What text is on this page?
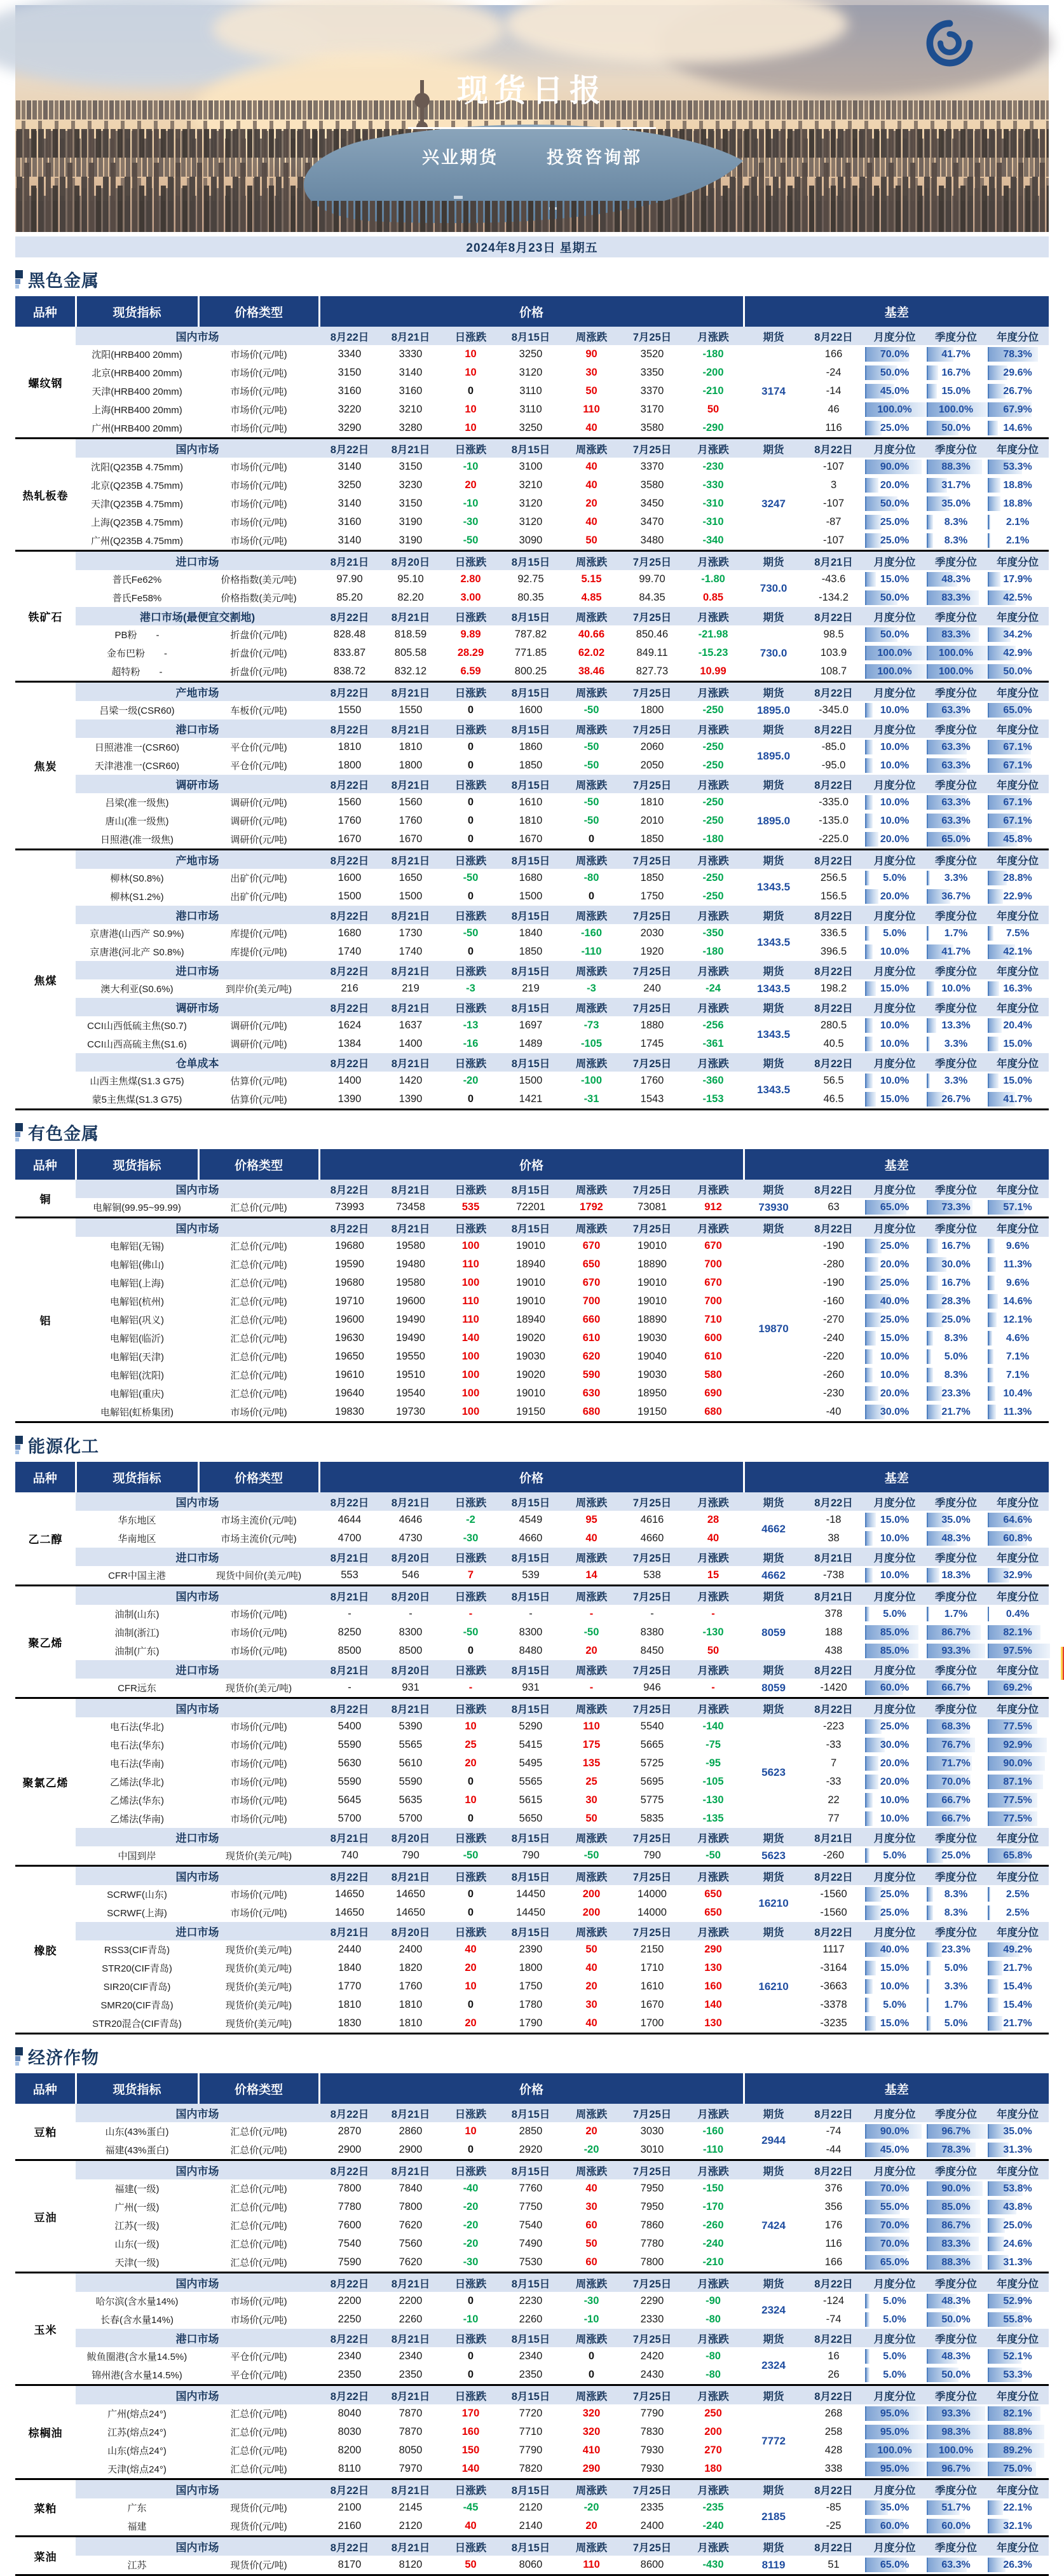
现货日报
兴业期货	投资咨询部
2024年8月23日 星期五
黑色金属
品种	现货指标	价格类型	价格							基差				
螺纹钢	国内市场		8月22日	8月21日	日涨跌	8月15日	周涨跌	7月25日	月涨跌	期货	8月22日	月度分位	季度分位	年度分位
	沈阳(HRB400 20mm)	市场价(元/吨)	3340	3330	10	3250	90	3520	-180	3174	166	70.0%	41.7%	78.3%
	北京(HRB400 20mm)	市场价(元/吨)	3150	3140	10	3120	30	3350	-200		-24	50.0%	16.7%	29.6%
	天津(HRB400 20mm)	市场价(元/吨)	3160	3160	0	3110	50	3370	-210		-14	45.0%	15.0%	26.7%
	上海(HRB400 20mm)	市场价(元/吨)	3220	3210	10	3110	110	3170	50		46	100.0%	100.0%	67.9%
	广州(HRB400 20mm)	市场价(元/吨)	3290	3280	10	3250	40	3580	-290		116	25.0%	50.0%	14.6%
热轧板卷	国内市场		8月22日	8月21日	日涨跌	8月15日	周涨跌	7月25日	月涨跌	期货	8月22日	月度分位	季度分位	年度分位
	沈阳(Q235B 4.75mm)	市场价(元/吨)	3140	3150	-10	3100	40	3370	-230	3247	-107	90.0%	88.3%	53.3%
	北京(Q235B 4.75mm)	市场价(元/吨)	3250	3230	20	3210	40	3580	-330		3	20.0%	31.7%	18.8%
	天津(Q235B 4.75mm)	市场价(元/吨)	3140	3150	-10	3120	20	3450	-310		-107	50.0%	35.0%	18.8%
	上海(Q235B 4.75mm)	市场价(元/吨)	3160	3190	-30	3120	40	3470	-310		-87	25.0%	8.3%	2.1%
	广州(Q235B 4.75mm)	市场价(元/吨)	3140	3190	-50	3090	50	3480	-340		-107	25.0%	8.3%	2.1%
铁矿石	进口市场		8月21日	8月20日	日涨跌	8月15日	周涨跌	7月25日	月涨跌	期货	8月21日	月度分位	季度分位	年度分位
	普氏Fe62%	价格指数(美元/吨)	97.90	95.10	2.80	92.75	5.15	99.70	-1.80	730.0	-43.6	15.0%	48.3%	17.9%
	普氏Fe58%	价格指数(美元/吨)	85.20	82.20	3.00	80.35	4.85	84.35	0.85		-134.2	50.0%	83.3%	42.5%
	港口市场(最便宜交割地)		8月22日	8月21日	日涨跌	8月15日	周涨跌	7月25日	月涨跌	期货	8月22日	月度分位	季度分位	年度分位
	PB粉　　-	折盘价(元/吨)	828.48	818.59	9.89	787.82	40.66	850.46	-21.98	730.0	98.5	50.0%	83.3%	34.2%
	金布巴粉　　-	折盘价(元/吨)	833.87	805.58	28.29	771.85	62.02	849.11	-15.23		103.9	100.0%	100.0%	42.9%
	超特粉　　-	折盘价(元/吨)	838.72	832.12	6.59	800.25	38.46	827.73	10.99		108.7	100.0%	100.0%	50.0%
焦炭	产地市场		8月22日	8月21日	日涨跌	8月15日	周涨跌	7月25日	月涨跌	期货	8月22日	月度分位	季度分位	年度分位
	吕梁一级(CSR60)	车板价(元/吨)	1550	1550	0	1600	-50	1800	-250	1895.0	-345.0	10.0%	63.3%	65.0%
	港口市场		8月22日	8月21日	日涨跌	8月15日	周涨跌	7月25日	月涨跌	期货	8月22日	月度分位	季度分位	年度分位
	日照港准一(CSR60)	平仓价(元/吨)	1810	1810	0	1860	-50	2060	-250	1895.0	-85.0	10.0%	63.3%	67.1%
	天津港准一(CSR60)	平仓价(元/吨)	1800	1800	0	1850	-50	2050	-250		-95.0	10.0%	63.3%	67.1%
	调研市场		8月22日	8月21日	日涨跌	8月15日	周涨跌	7月25日	月涨跌	期货	8月22日	月度分位	季度分位	年度分位
	吕梁(准一级焦)	调研价(元/吨)	1560	1560	0	1610	-50	1810	-250	1895.0	-335.0	10.0%	63.3%	67.1%
	唐山(准一级焦)	调研价(元/吨)	1760	1760	0	1810	-50	2010	-250		-135.0	10.0%	63.3%	67.1%
	日照港(准一级焦)	调研价(元/吨)	1670	1670	0	1670	0	1850	-180		-225.0	20.0%	65.0%	45.8%
焦煤	产地市场		8月22日	8月21日	日涨跌	8月15日	周涨跌	7月25日	月涨跌	期货	8月22日	月度分位	季度分位	年度分位
	柳林(S0.8%)	出矿价(元/吨)	1600	1650	-50	1680	-80	1850	-250	1343.5	256.5	5.0%	3.3%	28.8%
	柳林(S1.2%)	出矿价(元/吨)	1500	1500	0	1500	0	1750	-250		156.5	20.0%	36.7%	22.9%
	港口市场		8月22日	8月21日	日涨跌	8月15日	周涨跌	7月25日	月涨跌	期货	8月22日	月度分位	季度分位	年度分位
	京唐港(山西产 S0.9%)	库提价(元/吨)	1680	1730	-50	1840	-160	2030	-350	1343.5	336.5	5.0%	1.7%	7.5%
	京唐港(河北产 S0.8%)	库提价(元/吨)	1740	1740	0	1850	-110	1920	-180		396.5	10.0%	41.7%	42.1%
	进口市场		8月22日	8月21日	日涨跌	8月15日	周涨跌	7月25日	月涨跌	期货	8月22日	月度分位	季度分位	年度分位
	澳大利亚(S0.6%)	到岸价(美元/吨)	216	219	-3	219	-3	240	-24	1343.5	198.2	15.0%	10.0%	16.3%
	调研市场		8月22日	8月21日	日涨跌	8月15日	周涨跌	7月25日	月涨跌	期货	8月22日	月度分位	季度分位	年度分位
	CCI山西低硫主焦(S0.7)	调研价(元/吨)	1624	1637	-13	1697	-73	1880	-256	1343.5	280.5	10.0%	13.3%	20.4%
	CCI山西高硫主焦(S1.6)	调研价(元/吨)	1384	1400	-16	1489	-105	1745	-361		40.5	10.0%	3.3%	15.0%
	仓单成本		8月22日	8月21日	日涨跌	8月15日	周涨跌	7月25日	月涨跌	期货	8月22日	月度分位	季度分位	年度分位
	山西主焦煤(S1.3 G75)	估算价(元/吨)	1400	1420	-20	1500	-100	1760	-360	1343.5	56.5	10.0%	3.3%	15.0%
	蒙5主焦煤(S1.3 G75)	估算价(元/吨)	1390	1390	0	1421	-31	1543	-153		46.5	15.0%	26.7%	41.7%
有色金属
品种	现货指标	价格类型	价格							基差				
铜	国内市场		8月22日	8月21日	日涨跌	8月15日	周涨跌	7月25日	月涨跌	期货	8月22日	月度分位	季度分位	年度分位
	电解铜(99.95~99.99)	汇总价(元/吨)	73993	73458	535	72201	1792	73081	912	73930	63	65.0%	73.3%	57.1%
铝	国内市场		8月22日	8月21日	日涨跌	8月15日	周涨跌	7月25日	月涨跌	期货	8月22日	月度分位	季度分位	年度分位
	电解铝(无锡)	汇总价(元/吨)	19680	19580	100	19010	670	19010	670	19870	-190	25.0%	16.7%	9.6%
	电解铝(佛山)	汇总价(元/吨)	19590	19480	110	18940	650	18890	700		-280	20.0%	30.0%	11.3%
	电解铝(上海)	汇总价(元/吨)	19680	19580	100	19010	670	19010	670		-190	25.0%	16.7%	9.6%
	电解铝(杭州)	汇总价(元/吨)	19710	19600	110	19010	700	19010	700		-160	40.0%	28.3%	14.6%
	电解铝(巩义)	汇总价(元/吨)	19600	19490	110	18940	660	18890	710		-270	25.0%	25.0%	12.1%
	电解铝(临沂)	汇总价(元/吨)	19630	19490	140	19020	610	19030	600		-240	15.0%	8.3%	4.6%
	电解铝(天津)	汇总价(元/吨)	19650	19550	100	19030	620	19040	610		-220	10.0%	5.0%	7.1%
	电解铝(沈阳)	汇总价(元/吨)	19610	19510	100	19020	590	19030	580		-260	10.0%	8.3%	7.1%
	电解铝(重庆)	汇总价(元/吨)	19640	19540	100	19010	630	18950	690		-230	20.0%	23.3%	10.4%
	电解铝(虹桥集团)	市场价(元/吨)	19830	19730	100	19150	680	19150	680		-40	30.0%	21.7%	11.3%
能源化工
品种	现货指标	价格类型	价格							基差				
乙二醇	国内市场		8月22日	8月21日	日涨跌	8月15日	周涨跌	7月25日	月涨跌	期货	8月22日	月度分位	季度分位	年度分位
	华东地区	市场主流价(元/吨)	4644	4646	-2	4549	95	4616	28	4662	-18	15.0%	35.0%	64.6%
	华南地区	市场主流价(元/吨)	4700	4730	-30	4660	40	4660	40		38	10.0%	48.3%	60.8%
	进口市场		8月21日	8月20日	日涨跌	8月15日	周涨跌	7月25日	月涨跌	期货	8月21日	月度分位	季度分位	年度分位
	CFR中国主港	现货中间价(美元/吨)	553	546	7	539	14	538	15	4662	-738	10.0%	18.3%	32.9%
聚乙烯	国内市场		8月21日	8月20日	日涨跌	8月15日	周涨跌	7月25日	月涨跌	期货	8月21日	月度分位	季度分位	年度分位
	油制(山东)	市场价(元/吨)	-	-	-	-	-	-	-	8059	378	5.0%	1.7%	0.4%
	油制(浙江)	市场价(元/吨)	8250	8300	-50	8300	-50	8380	-130		188	85.0%	86.7%	82.1%
	油制(广东)	市场价(元/吨)	8500	8500	0	8480	20	8450	50		438	85.0%	93.3%	97.5%
	进口市场		8月21日	8月20日	日涨跌	8月15日	周涨跌	7月25日	月涨跌	期货	8月22日	月度分位	季度分位	年度分位
	CFR远东	现货价(美元/吨)	-	931	-	931	-	946	-	8059	-1420	60.0%	66.7%	69.2%
聚氯乙烯	国内市场		8月22日	8月21日	日涨跌	8月15日	周涨跌	7月25日	月涨跌	期货	8月22日	月度分位	季度分位	年度分位
	电石法(华北)	市场价(元/吨)	5400	5390	10	5290	110	5540	-140	5623	-223	25.0%	68.3%	77.5%
	电石法(华东)	市场价(元/吨)	5590	5565	25	5415	175	5665	-75		-33	30.0%	76.7%	92.9%
	电石法(华南)	市场价(元/吨)	5630	5610	20	5495	135	5725	-95		7	20.0%	71.7%	90.0%
	乙烯法(华北)	市场价(元/吨)	5590	5590	0	5565	25	5695	-105		-33	20.0%	70.0%	87.1%
	乙烯法(华东)	市场价(元/吨)	5645	5635	10	5615	30	5775	-130		22	10.0%	66.7%	77.5%
	乙烯法(华南)	市场价(元/吨)	5700	5700	0	5650	50	5835	-135		77	10.0%	66.7%	77.5%
	进口市场		8月21日	8月20日	日涨跌	8月15日	周涨跌	7月25日	月涨跌	期货	8月21日	月度分位	季度分位	年度分位
	中国到岸	现货价(美元/吨)	740	790	-50	790	-50	790	-50	5623	-260	5.0%	25.0%	65.8%
橡胶	国内市场		8月22日	8月21日	日涨跌	8月15日	周涨跌	7月25日	月涨跌	期货	8月22日	月度分位	季度分位	年度分位
	SCRWF(山东)	市场价(元/吨)	14650	14650	0	14450	200	14000	650	16210	-1560	25.0%	8.3%	2.5%
	SCRWF(上海)	市场价(元/吨)	14650	14650	0	14450	200	14000	650		-1560	25.0%	8.3%	2.5%
	进口市场		8月21日	8月20日	日涨跌	8月15日	周涨跌	7月25日	月涨跌	期货	8月22日	月度分位	季度分位	年度分位
	RSS3(CIF青岛)	现货价(美元/吨)	2440	2400	40	2390	50	2150	290	16210	1117	40.0%	23.3%	49.2%
	STR20(CIF青岛)	现货价(美元/吨)	1840	1820	20	1800	40	1710	130		-3164	15.0%	5.0%	21.7%
	SIR20(CIF青岛)	现货价(美元/吨)	1770	1760	10	1750	20	1610	160		-3663	10.0%	3.3%	15.4%
	SMR20(CIF青岛)	现货价(美元/吨)	1810	1810	0	1780	30	1670	140		-3378	5.0%	1.7%	15.4%
	STR20混合(CIF青岛)	现货价(美元/吨)	1830	1810	20	1790	40	1700	130		-3235	15.0%	5.0%	21.7%
经济作物
品种	现货指标	价格类型	价格							基差				
豆粕	国内市场		8月22日	8月21日	日涨跌	8月15日	周涨跌	7月25日	月涨跌	期货	8月22日	月度分位	季度分位	年度分位
	山东(43%蛋白)	汇总价(元/吨)	2870	2860	10	2850	20	3030	-160	2944	-74	90.0%	96.7%	35.0%
	福建(43%蛋白)	汇总价(元/吨)	2900	2900	0	2920	-20	3010	-110		-44	45.0%	78.3%	31.3%
豆油	国内市场		8月22日	8月21日	日涨跌	8月15日	周涨跌	7月25日	月涨跌	期货	8月22日	月度分位	季度分位	年度分位
	福建(一级)	汇总价(元/吨)	7800	7840	-40	7760	40	7950	-150	7424	376	70.0%	90.0%	53.8%
	广州(一级)	汇总价(元/吨)	7780	7800	-20	7750	30	7950	-170		356	55.0%	85.0%	43.8%
	江苏(一级)	汇总价(元/吨)	7600	7620	-20	7540	60	7860	-260		176	70.0%	86.7%	25.0%
	山东(一级)	汇总价(元/吨)	7540	7560	-20	7490	50	7780	-240		116	70.0%	83.3%	24.6%
	天津(一级)	汇总价(元/吨)	7590	7620	-30	7530	60	7800	-210		166	65.0%	88.3%	31.3%
玉米	国内市场		8月22日	8月21日	日涨跌	8月15日	周涨跌	7月25日	月涨跌	期货	8月22日	月度分位	季度分位	年度分位
	哈尔滨(含水量14%)	市场价(元/吨)	2200	2200	0	2230	-30	2290	-90	2324	-124	5.0%	48.3%	52.9%
	长春(含水量14%)	市场价(元/吨)	2250	2260	-10	2260	-10	2330	-80		-74	5.0%	50.0%	55.8%
	港口市场		8月22日	8月21日	日涨跌	8月15日	周涨跌	7月25日	月涨跌	期货	8月22日	月度分位	季度分位	年度分位
	鲅鱼圈港(含水量14.5%)	平仓价(元/吨)	2340	2340	0	2340	0	2420	-80	2324	16	5.0%	48.3%	52.1%
	锦州港(含水量14.5%)	平仓价(元/吨)	2350	2350	0	2350	0	2430	-80		26	5.0%	50.0%	53.3%
棕榈油	国内市场		8月22日	8月21日	日涨跌	8月15日	周涨跌	7月25日	月涨跌	期货	8月22日	月度分位	季度分位	年度分位
	广州(熔点24°)	汇总价(元/吨)	8040	7870	170	7720	320	7790	250	7772	268	95.0%	93.3%	82.1%
	江苏(熔点24°)	汇总价(元/吨)	8030	7870	160	7710	320	7830	200		258	95.0%	98.3%	88.8%
	山东(熔点24°)	汇总价(元/吨)	8200	8050	150	7790	410	7930	270		428	100.0%	100.0%	89.2%
	天津(熔点24°)	汇总价(元/吨)	8110	7970	140	7820	290	7930	180		338	95.0%	96.7%	75.0%
菜粕	国内市场		8月22日	8月21日	日涨跌	8月15日	周涨跌	7月25日	月涨跌	期货	8月22日	月度分位	季度分位	年度分位
	广东	现货价(元/吨)	2100	2145	-45	2120	-20	2335	-235	2185	-85	35.0%	51.7%	22.1%
	福建	现货价(元/吨)	2160	2120	40	2140	20	2400	-240		-25	60.0%	60.0%	32.1%
菜油	国内市场		8月22日	8月21日	日涨跌	8月15日	周涨跌	7月25日	月涨跌	期货	8月22日	月度分位	季度分位	年度分位
	江苏	现货价(元/吨)	8170	8120	50	8060	110	8600	-430	8119	51	65.0%	63.3%	26.3%
